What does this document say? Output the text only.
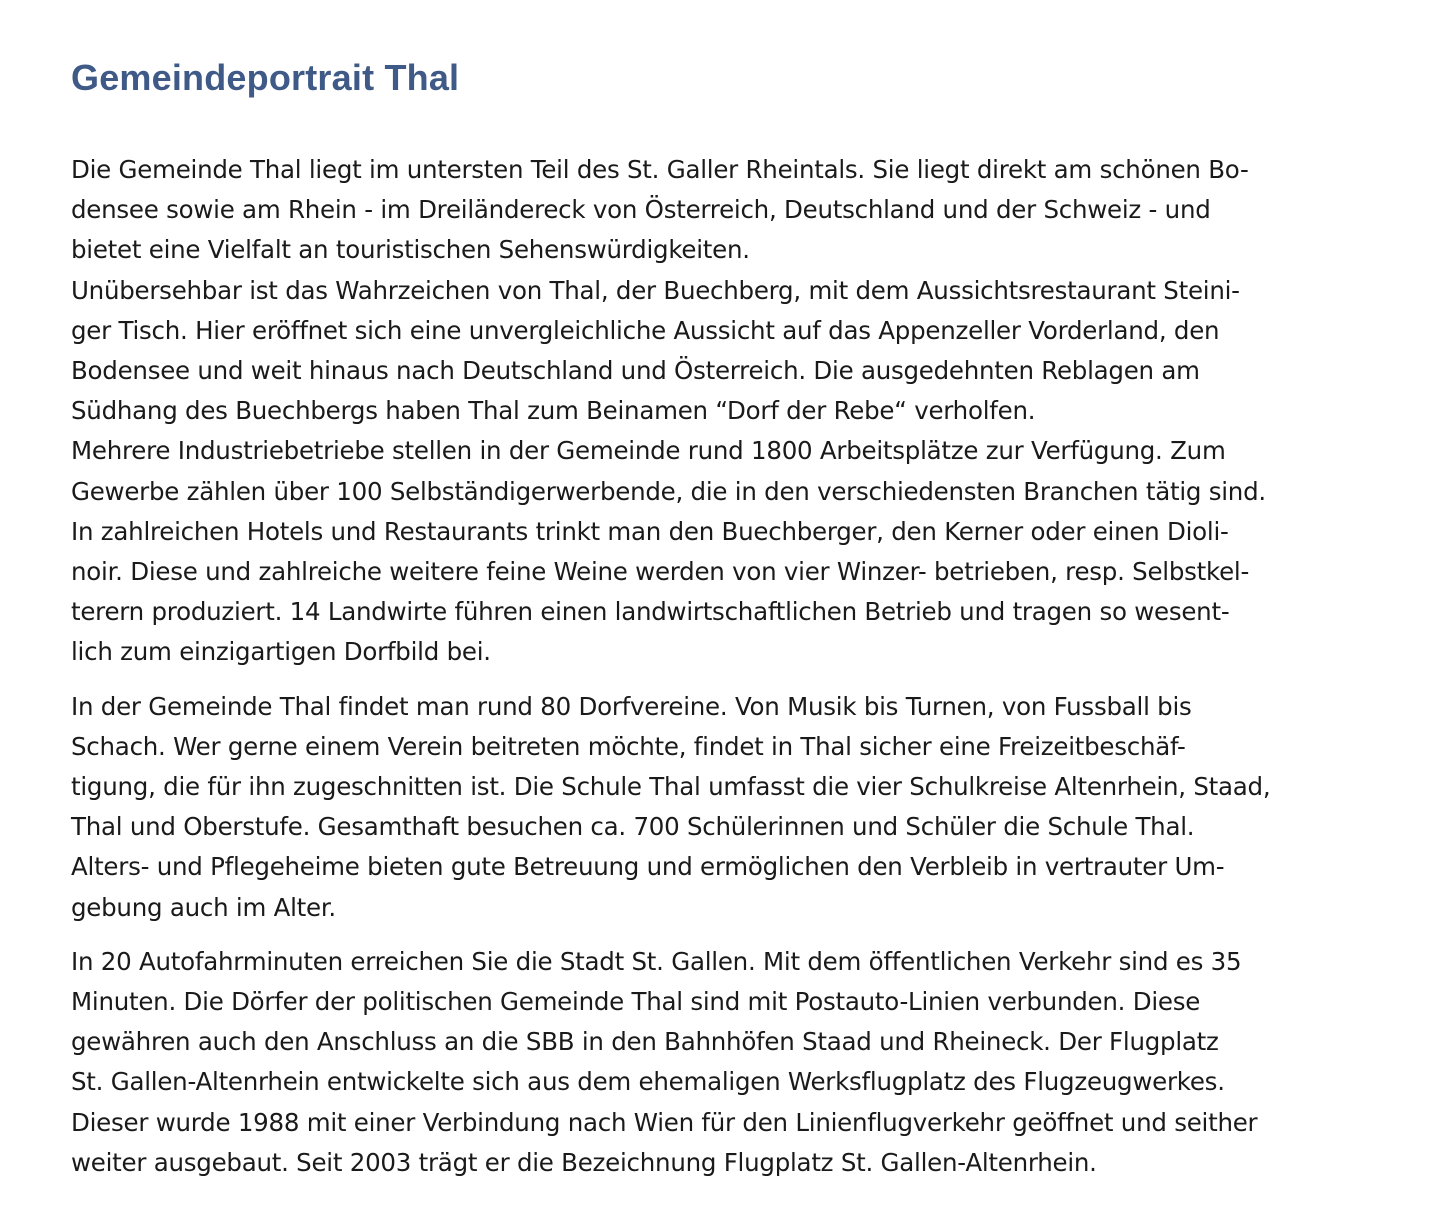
Gemeindeportrait Thal
Die Gemeinde Thal liegt im untersten Teil des St. Galler Rheintals. Sie liegt direkt am schönen Bo-
densee sowie am Rhein - im Dreiländereck von Österreich, Deutschland und der Schweiz - und
bietet eine Vielfalt an touristischen Sehenswürdigkeiten.
Unübersehbar ist das Wahrzeichen von Thal, der Buechberg, mit dem Aussichtsrestaurant Steini-
ger Tisch. Hier eröffnet sich eine unvergleichliche Aussicht auf das Appenzeller Vorderland, den
Bodensee und weit hinaus nach Deutschland und Österreich. Die ausgedehnten Reblagen am
Südhang des Buechbergs haben Thal zum Beinamen “Dorf der Rebe“ verholfen.
Mehrere Industriebetriebe stellen in der Gemeinde rund 1800 Arbeitsplätze zur Verfügung. Zum
Gewerbe zählen über 100 Selbständigerwerbende, die in den verschiedensten Branchen tätig sind.
In zahlreichen Hotels und Restaurants trinkt man den Buechberger, den Kerner oder einen Dioli-
noir. Diese und zahlreiche weitere feine Weine werden von vier Winzer- betrieben, resp. Selbstkel-
terern produziert. 14 Landwirte führen einen landwirtschaftlichen Betrieb und tragen so wesent-
lich zum einzigartigen Dorfbild bei.
In der Gemeinde Thal findet man rund 80 Dorfvereine. Von Musik bis Turnen, von Fussball bis
Schach. Wer gerne einem Verein beitreten möchte, findet in Thal sicher eine Freizeitbeschäf-
tigung, die für ihn zugeschnitten ist. Die Schule Thal umfasst die vier Schulkreise Altenrhein, Staad,
Thal und Oberstufe. Gesamthaft besuchen ca. 700 Schülerinnen und Schüler die Schule Thal.
Alters- und Pflegeheime bieten gute Betreuung und ermöglichen den Verbleib in vertrauter Um-
gebung auch im Alter.
In 20 Autofahrminuten erreichen Sie die Stadt St. Gallen. Mit dem öffentlichen Verkehr sind es 35
Minuten. Die Dörfer der politischen Gemeinde Thal sind mit Postauto-Linien verbunden. Diese
gewähren auch den Anschluss an die SBB in den Bahnhöfen Staad und Rheineck. Der Flugplatz
St. Gallen-Altenrhein entwickelte sich aus dem ehemaligen Werksflugplatz des Flugzeugwerkes.
Dieser wurde 1988 mit einer Verbindung nach Wien für den Linienflugverkehr geöffnet und seither
weiter ausgebaut. Seit 2003 trägt er die Bezeichnung Flugplatz St. Gallen-Altenrhein.
